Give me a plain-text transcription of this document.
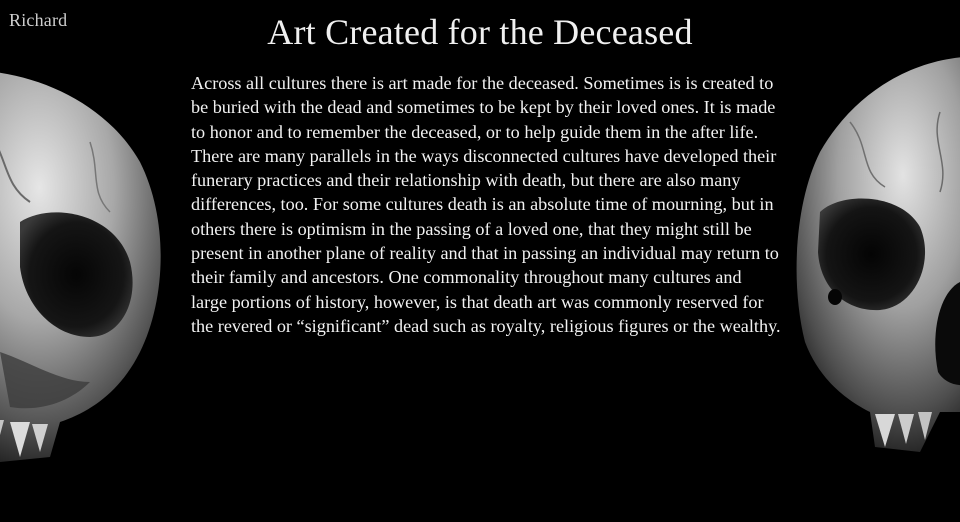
Richard	Art Created for the Deceased

Across all cultures there is art made for the deceased. Sometimes is is created to be buried with the dead and sometimes to be kept by their loved ones. It is made to honor and to remember the deceased, or to help guide them in the after life. There are many parallels in the ways disconnected cultures have developed their funerary practices and their relationship with death, but there are also many differences, too. For some cultures death is an absolute time of mourning, but in others there is optimism in the passing of a loved one, that they might still be present in another plane of reality and that in passing an individual may return to their family and ancestors. One commonality throughout many cultures and large portions of history, however, is that death art was commonly reserved for the revered or “significant” dead such as royalty, religious figures or the wealthy.
